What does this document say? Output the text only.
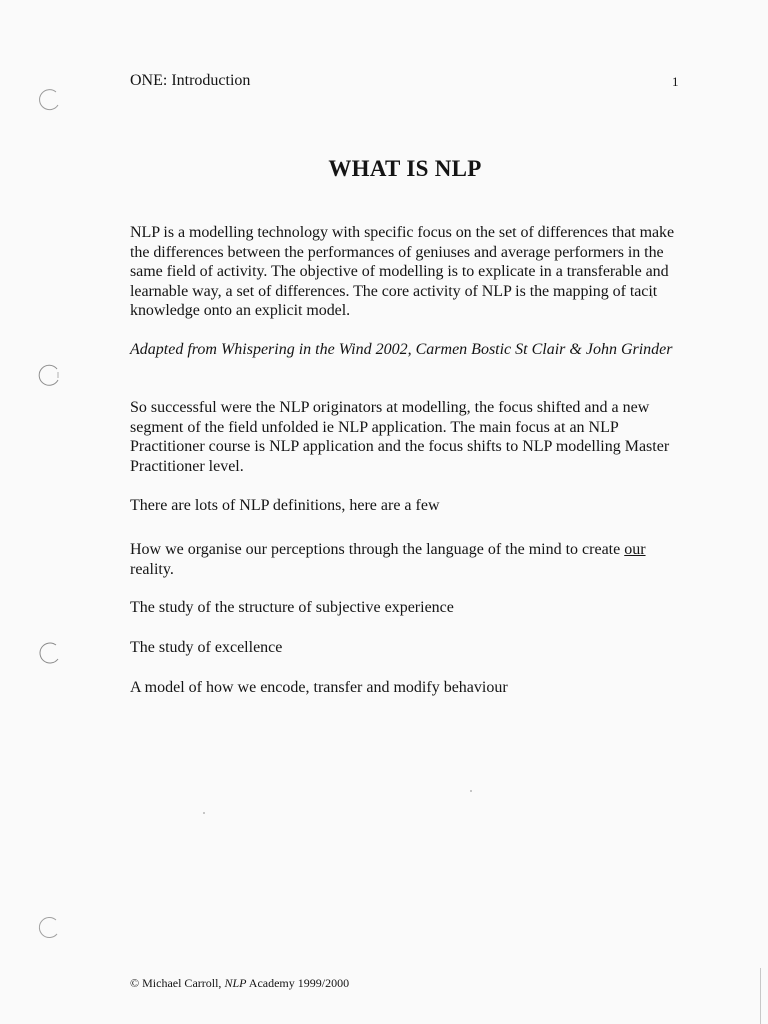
ONE: Introduction	1
WHAT IS NLP

NLP is a modelling technology with specific focus on the set of differences that make the differences between the performances of geniuses and average performers in the same field of activity. The objective of modelling is to explicate in a transferable and learnable way, a set of differences. The core activity of NLP is the mapping of tacit knowledge onto an explicit model.

Adapted from Whispering in the Wind 2002, Carmen Bostic St Clair & John Grinder

So successful were the NLP originators at modelling, the focus shifted and a new segment of the field unfolded ie NLP application. The main focus at an NLP Practitioner course is NLP application and the focus shifts to NLP modelling Master Practitioner level.

There are lots of NLP definitions, here are a few

How we organise our perceptions through the language of the mind to create our reality.

The study of the structure of subjective experience

The study of excellence

A model of how we encode, transfer and modify behaviour

© Michael Carroll, NLP Academy 1999/2000
